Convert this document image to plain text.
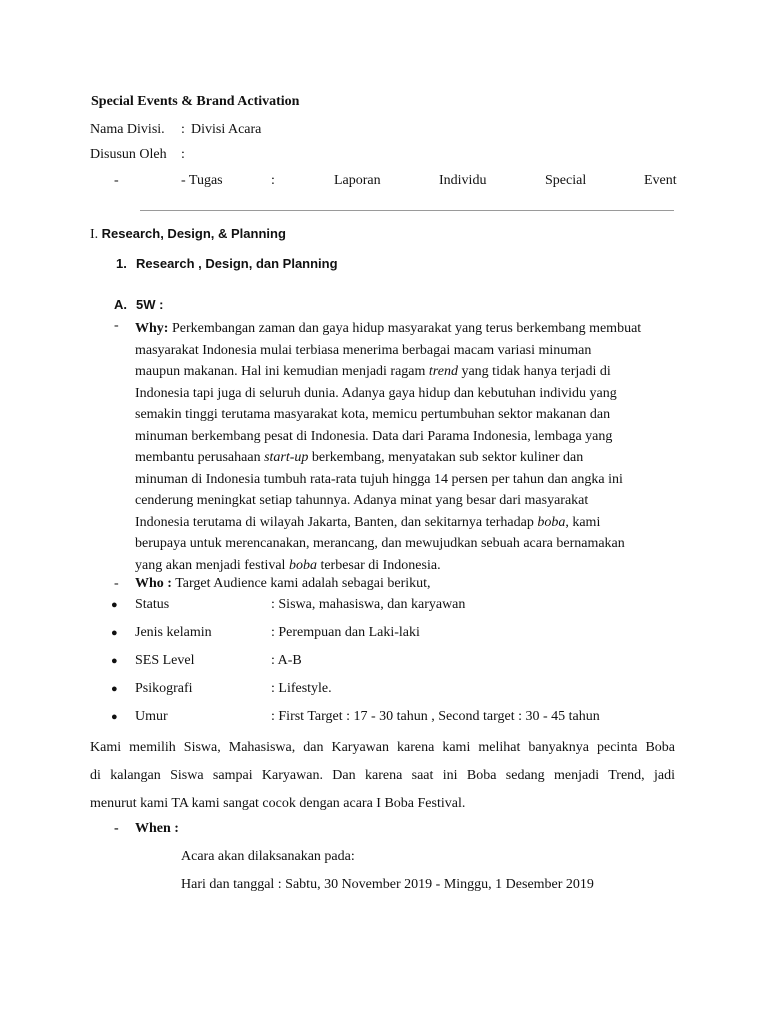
Special Events & Brand Activation
Nama Divisi. : Divisi Acara
Disusun Oleh :
-	- Tugas	:	Laporan	Individu	Special	Event
I. Research, Design, & Planning
1. Research , Design, dan Planning
A. 5W :
- Why: Perkembangan zaman dan gaya hidup masyarakat yang terus berkembang membuat

masyarakat Indonesia mulai terbiasa menerima berbagai macam variasi minuman

maupun makanan. Hal ini kemudian menjadi ragam trend yang tidak hanya terjadi di

Indonesia tapi juga di seluruh dunia. Adanya gaya hidup dan kebutuhan individu yang

semakin tinggi terutama masyarakat kota, memicu pertumbuhan sektor makanan dan

minuman berkembang pesat di Indonesia. Data dari Parama Indonesia, lembaga yang

membantu perusahaan start-up berkembang, menyatakan sub sektor kuliner dan

minuman di Indonesia tumbuh rata-rata tujuh hingga 14 persen per tahun dan angka ini

cenderung meningkat setiap tahunnya. Adanya minat yang besar dari masyarakat

Indonesia terutama di wilayah Jakarta, Banten, dan sekitarnya terhadap boba, kami

berupaya untuk merencanakan, merancang, dan mewujudkan sebuah acara bernamakan

yang akan menjadi festival boba terbesar di Indonesia.

- Who : Target Audience kami adalah sebagai berikut,
● Status	: Siswa, mahasiswa, dan karyawan
● Jenis kelamin	: Perempuan dan Laki-laki
● SES Level	: A-B
● Psikografi	: Lifestyle.
● Umur	: First Target : 17 - 30 tahun , Second target : 30 - 45 tahun

Kami memilih Siswa, Mahasiswa, dan Karyawan karena kami melihat banyaknya pecinta Boba

di kalangan Siswa sampai Karyawan. Dan karena saat ini Boba sedang menjadi Trend, jadi

menurut kami TA kami sangat cocok dengan acara I Boba Festival.

- When :
Acara akan dilaksanakan pada:
Hari dan tanggal : Sabtu, 30 November 2019 - Minggu, 1 Desember 2019
